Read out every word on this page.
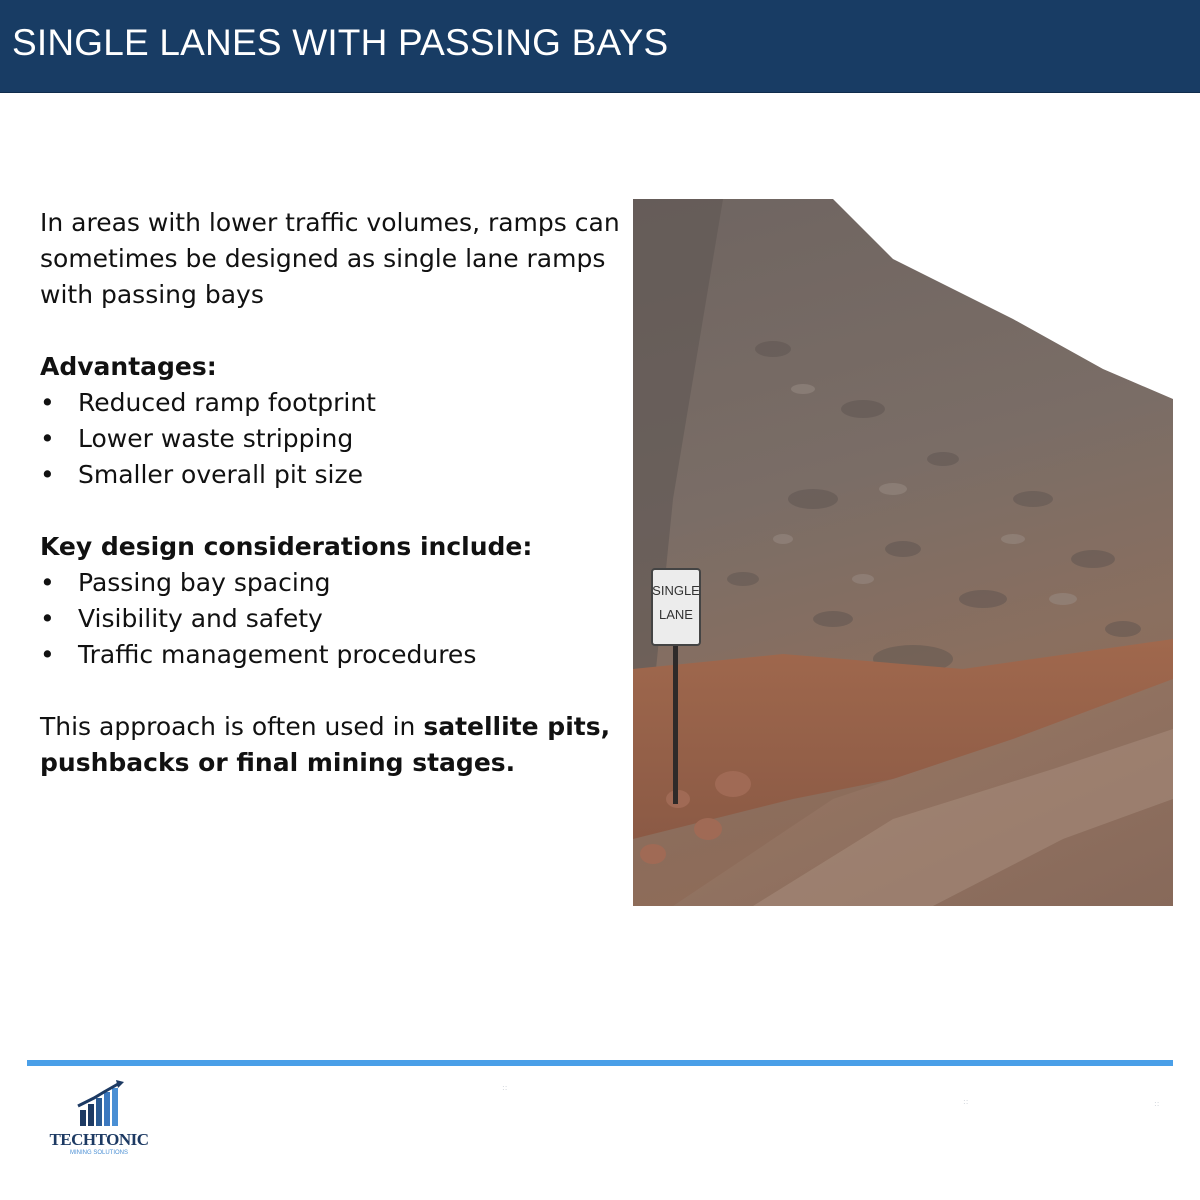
SINGLE LANES WITH PASSING BAYS

In areas with lower traffic volumes, ramps can sometimes be designed as single lane ramps with passing bays

Advantages:

• Reduced ramp footprint
• Lower waste stripping
• Smaller overall pit size

Key design considerations include:

• Passing bay spacing
• Visibility and safety
• Traffic management procedures

This approach is often used in satellite pits, pushbacks or final mining stages.

SINGLE
LANE
::
::	::
TECHTONIC
MINING SOLUTIONS
